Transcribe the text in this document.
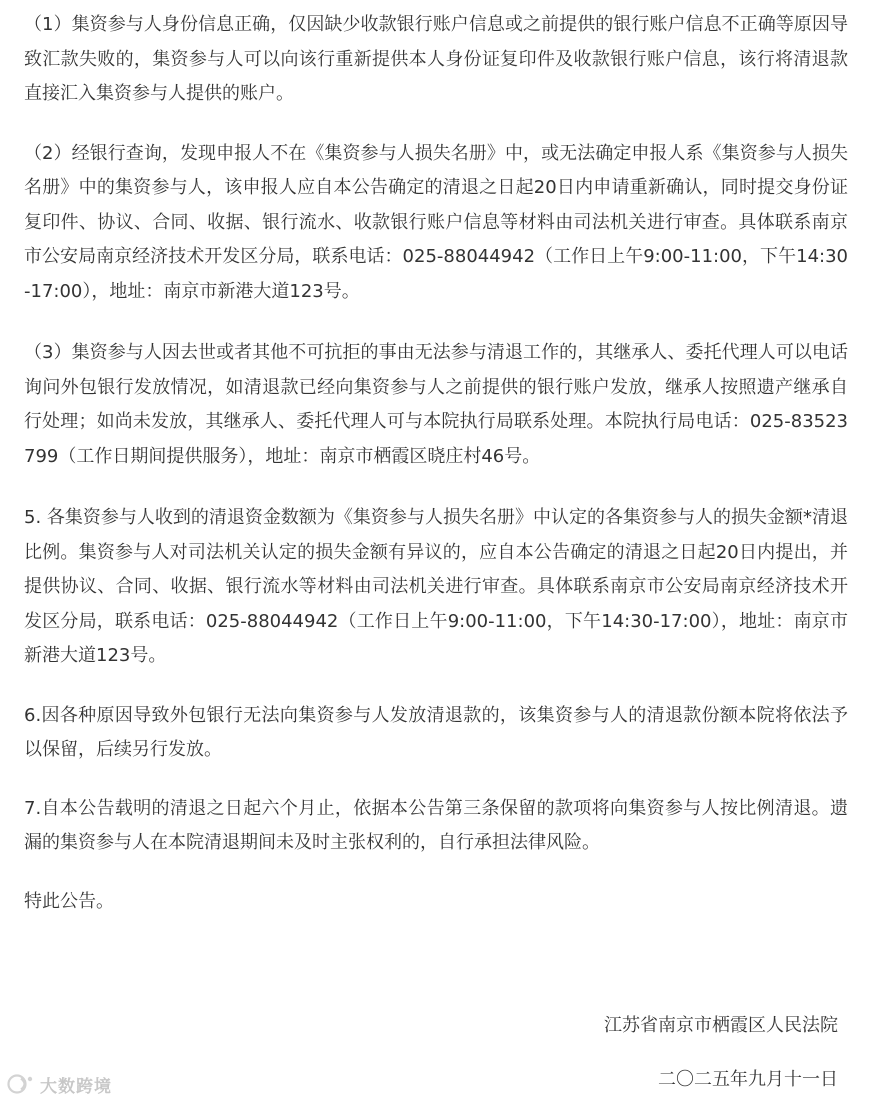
（1）集资参与人身份信息正确，仅因缺少收款银行账户信息或之前提供的银行账户信息不正确等原因导致汇款失败的，集资参与人可以向该行重新提供本人身份证复印件及收款银行账户信息，该行将清退款直接汇入集资参与人提供的账户。

（2）经银行查询，发现申报人不在《集资参与人损失名册》中，或无法确定申报人系《集资参与人损失名册》中的集资参与人，该申报人应自本公告确定的清退之日起20日内申请重新确认，同时提交身份证复印件、协议、合同、收据、银行流水、收款银行账户信息等材料由司法机关进行审查。具体联系南京市公安局南京经济技术开发区分局，联系电话：025-88044942（工作日上午9:00-11:00，下午14:30-17:00），地址：南京市新港大道123号。

（3）集资参与人因去世或者其他不可抗拒的事由无法参与清退工作的，其继承人、委托代理人可以电话询问外包银行发放情况，如清退款已经向集资参与人之前提供的银行账户发放，继承人按照遗产继承自行处理；如尚未发放，其继承人、委托代理人可与本院执行局联系处理。本院执行局电话：025-83523799（工作日期间提供服务），地址：南京市栖霞区晓庄村46号。

5. 各集资参与人收到的清退资金数额为《集资参与人损失名册》中认定的各集资参与人的损失金额*清退比例。集资参与人对司法机关认定的损失金额有异议的，应自本公告确定的清退之日起20日内提出，并提供协议、合同、收据、银行流水等材料由司法机关进行审查。具体联系南京市公安局南京经济技术开发区分局，联系电话：025-88044942（工作日上午9:00-11:00，下午14:30-17:00），地址：南京市新港大道123号。

6.因各种原因导致外包银行无法向集资参与人发放清退款的，该集资参与人的清退款份额本院将依法予以保留，后续另行发放。

7.自本公告载明的清退之日起六个月止，依据本公告第三条保留的款项将向集资参与人按比例清退。遗漏的集资参与人在本院清退期间未及时主张权利的，自行承担法律风险。

特此公告。

江苏省南京市栖霞区人民法院

二〇二五年九月十一日

大数跨境
